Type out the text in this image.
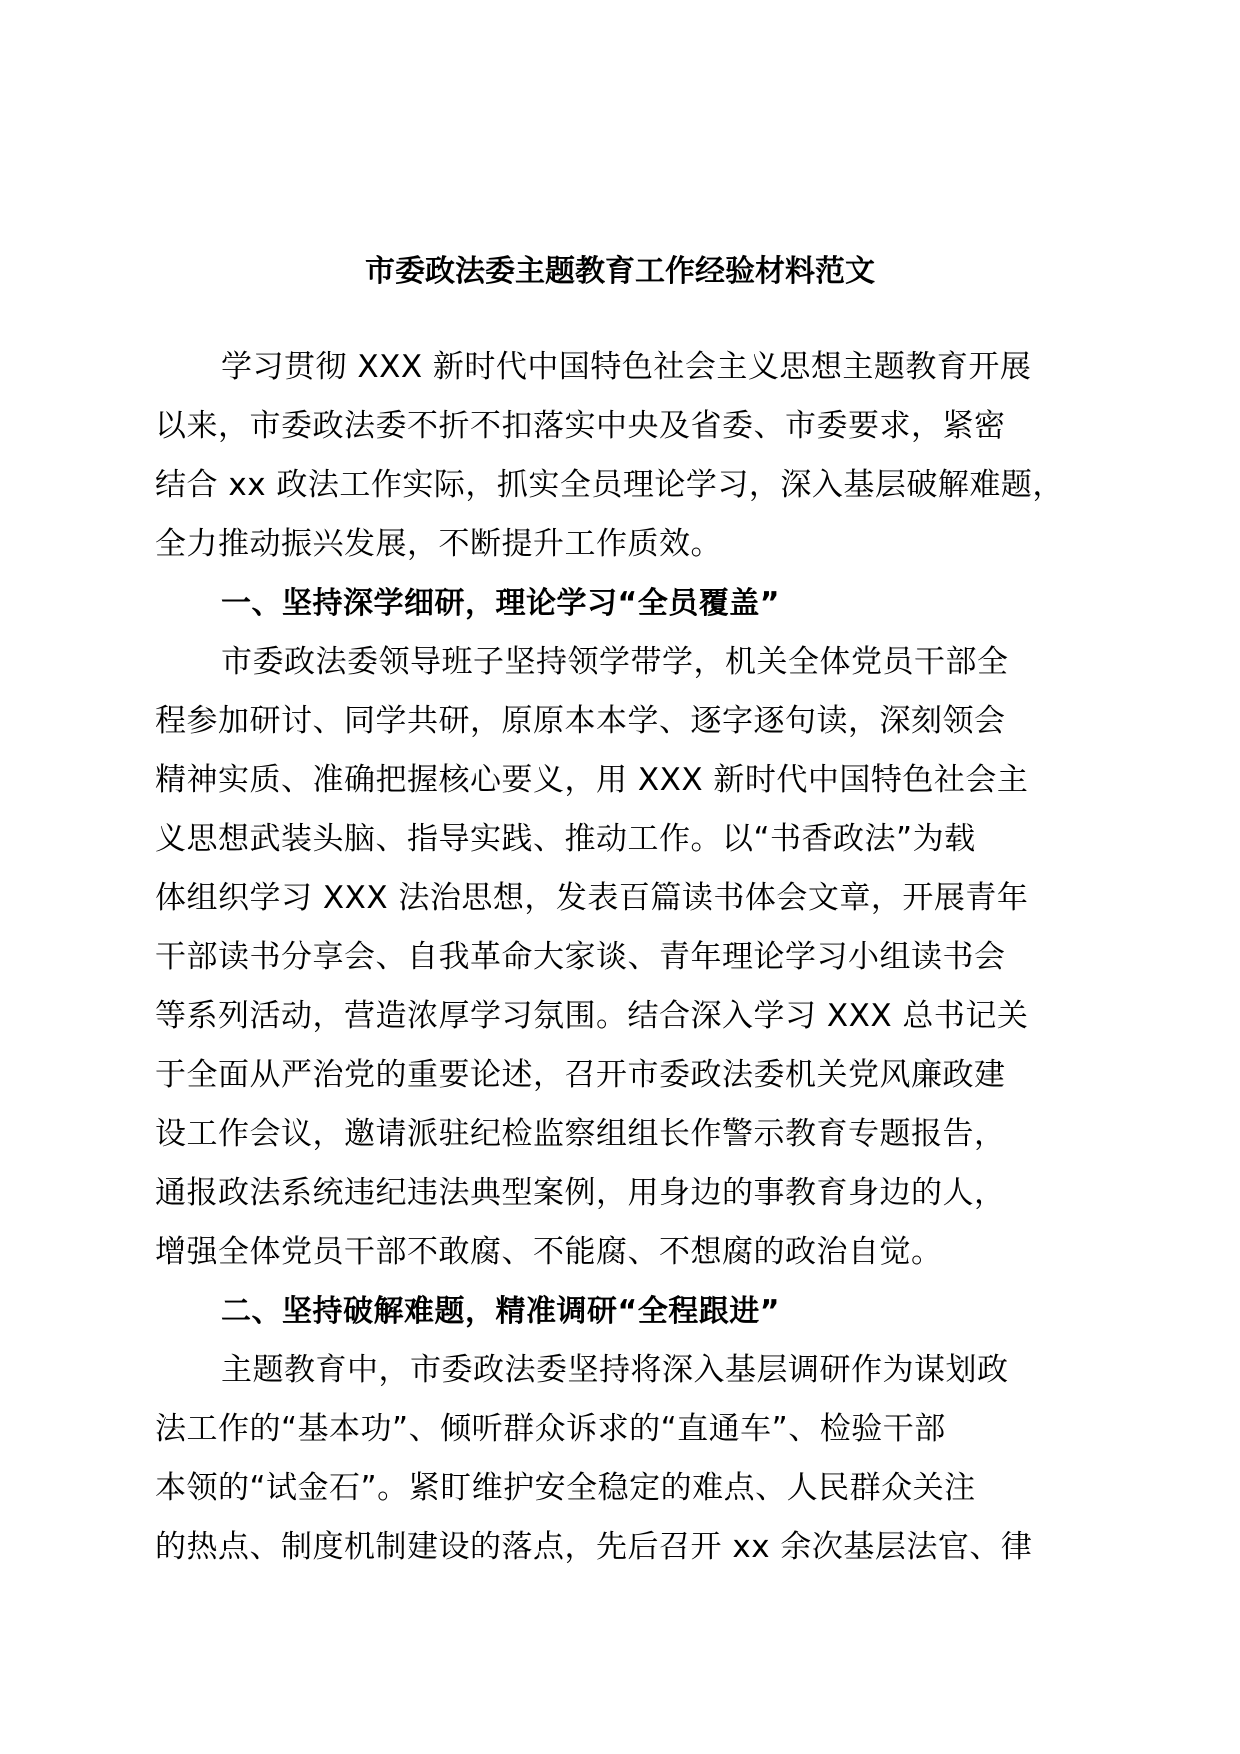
市委政法委主题教育工作经验材料范文
学习贯彻 XXX 新时代中国特色社会主义思想主题教育开展
以来，市委政法委不折不扣落实中央及省委、市委要求，紧密
结合 xx 政法工作实际，抓实全员理论学习，深入基层破解难题，
全力推动振兴发展，不断提升工作质效。
一、坚持深学细研，理论学习“全员覆盖”
市委政法委领导班子坚持领学带学，机关全体党员干部全
程参加研讨、同学共研，原原本本学、逐字逐句读，深刻领会
精神实质、准确把握核心要义，用 XXX 新时代中国特色社会主
义思想武装头脑、指导实践、推动工作。以“书香政法”为载
体组织学习 XXX 法治思想，发表百篇读书体会文章，开展青年
干部读书分享会、自我革命大家谈、青年理论学习小组读书会
等系列活动，营造浓厚学习氛围。结合深入学习 XXX 总书记关
于全面从严治党的重要论述，召开市委政法委机关党风廉政建
设工作会议，邀请派驻纪检监察组组长作警示教育专题报告，
通报政法系统违纪违法典型案例，用身边的事教育身边的人，
增强全体党员干部不敢腐、不能腐、不想腐的政治自觉。
二、坚持破解难题，精准调研“全程跟进”
主题教育中，市委政法委坚持将深入基层调研作为谋划政
法工作的“基本功”、倾听群众诉求的“直通车”、检验干部
本领的“试金石”。紧盯维护安全稳定的难点、人民群众关注
的热点、制度机制建设的落点，先后召开 xx 余次基层法官、律
